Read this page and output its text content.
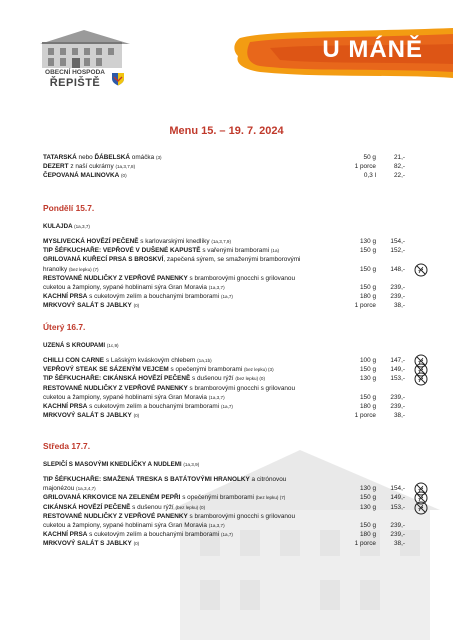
U MÁNĚ
OBECNÍ HOSPODA
ŘEPIŠTĚ
Menu 15. – 19. 7. 2024
TATARSKÁ nebo ĎÁBELSKÁ omáčka (3)	50 g	21,-
DEZERT z naší cukrárny (1a,3,7,8)	1 porce	82,-
ČEPOVANÁ MALINOVKA (0)	0,3 l	22,-
Pondělí 15.7.
KULAJDA (1a,3,7)
MYSLIVECKÁ HOVĚZÍ PEČENĚ s karlovarskými knedlíky (1a,3,7,9)	130 g 154,-
TIP ŠÉFKUCHAŘE: VEPŘOVÉ V DUŠENÉ KAPUSTĚ s vařenými bramborami (1a)	150 g 152,-
GRILOVANÁ KUŘECÍ PRSA S BROSKVÍ, zapečená sýrem, se smaženými bramborovými
hranolky (bez lepku) (7)	150 g 148,-
RESTOVANÉ NUDLIČKY Z VEPŘOVÉ PANENKY s bramborovými gnocchi s grilovanou
cuketou a žampiony, sypané hoblinami sýra Gran Moravia (1a,3,7)	150 g 239,-
KACHNÍ PRSA s cuketovým zelím a bouchanými bramborami (1a,7)	180 g 239,-
MRKVOVÝ SALÁT S JABLKY (0)	1 porce	38,-
Úterý 16.7.
UZENÁ S KROUPAMI (1c,9)
CHILLI CON CARNE s Lašským kváskovým chlebem (1a,1b)	100 g 147,-
VEPŘOVÝ STEAK SE SÁZENÝM VEJCEM s opečenými bramborami (bez lepku) (3)	150 g 149,-
TIP ŠÉFKUCHAŘE: CIKÁNSKÁ HOVĚZÍ PEČENĚ s dušenou rýží (bez lepku) (0)	130 g 153,-
RESTOVANÉ NUDLIČKY Z VEPŘOVÉ PANENKY s bramborovými gnocchi s grilovanou
cuketou a žampiony, sypané hoblinami sýra Gran Moravia (1a,3,7)	150 g 239,-
KACHNÍ PRSA s cuketovým zelím a bouchanými bramborami (1a,7)	180 g 239,-
MRKVOVÝ SALÁT S JABLKY (0)	1 porce	38,-
Středa 17.7.
SLEPIČÍ S MASOVÝMI KNEDLÍČKY A NUDLEMI (1a,3,9)
TIP ŠÉFKUCHAŘE: SMAŽENÁ TRESKA S BATÁTOVÝMI HRANOLKY a citrónovou
majonézou (1a,3,4,7)	130 g 154,-
GRILOVANÁ KRKOVICE NA ZELENÉM PEPŘI s opečenými bramborami (bez lepku) (7)	150 g 149,-
CIKÁNSKÁ HOVĚZÍ PEČENĚ s dušenou rýží (bez lepku) (0)	130 g 153,-
RESTOVANÉ NUDLIČKY Z VEPŘOVÉ PANENKY s bramborovými gnocchi s grilovanou
cuketou a žampiony, sypané hoblinami sýra Gran Moravia (1a,3,7)	150 g 239,-
KACHNÍ PRSA s cuketovým zelím a bouchanými bramborami (1a,7)	180 g 239,-
MRKVOVÝ SALÁT S JABLKY (0)	1 porce	38,-
